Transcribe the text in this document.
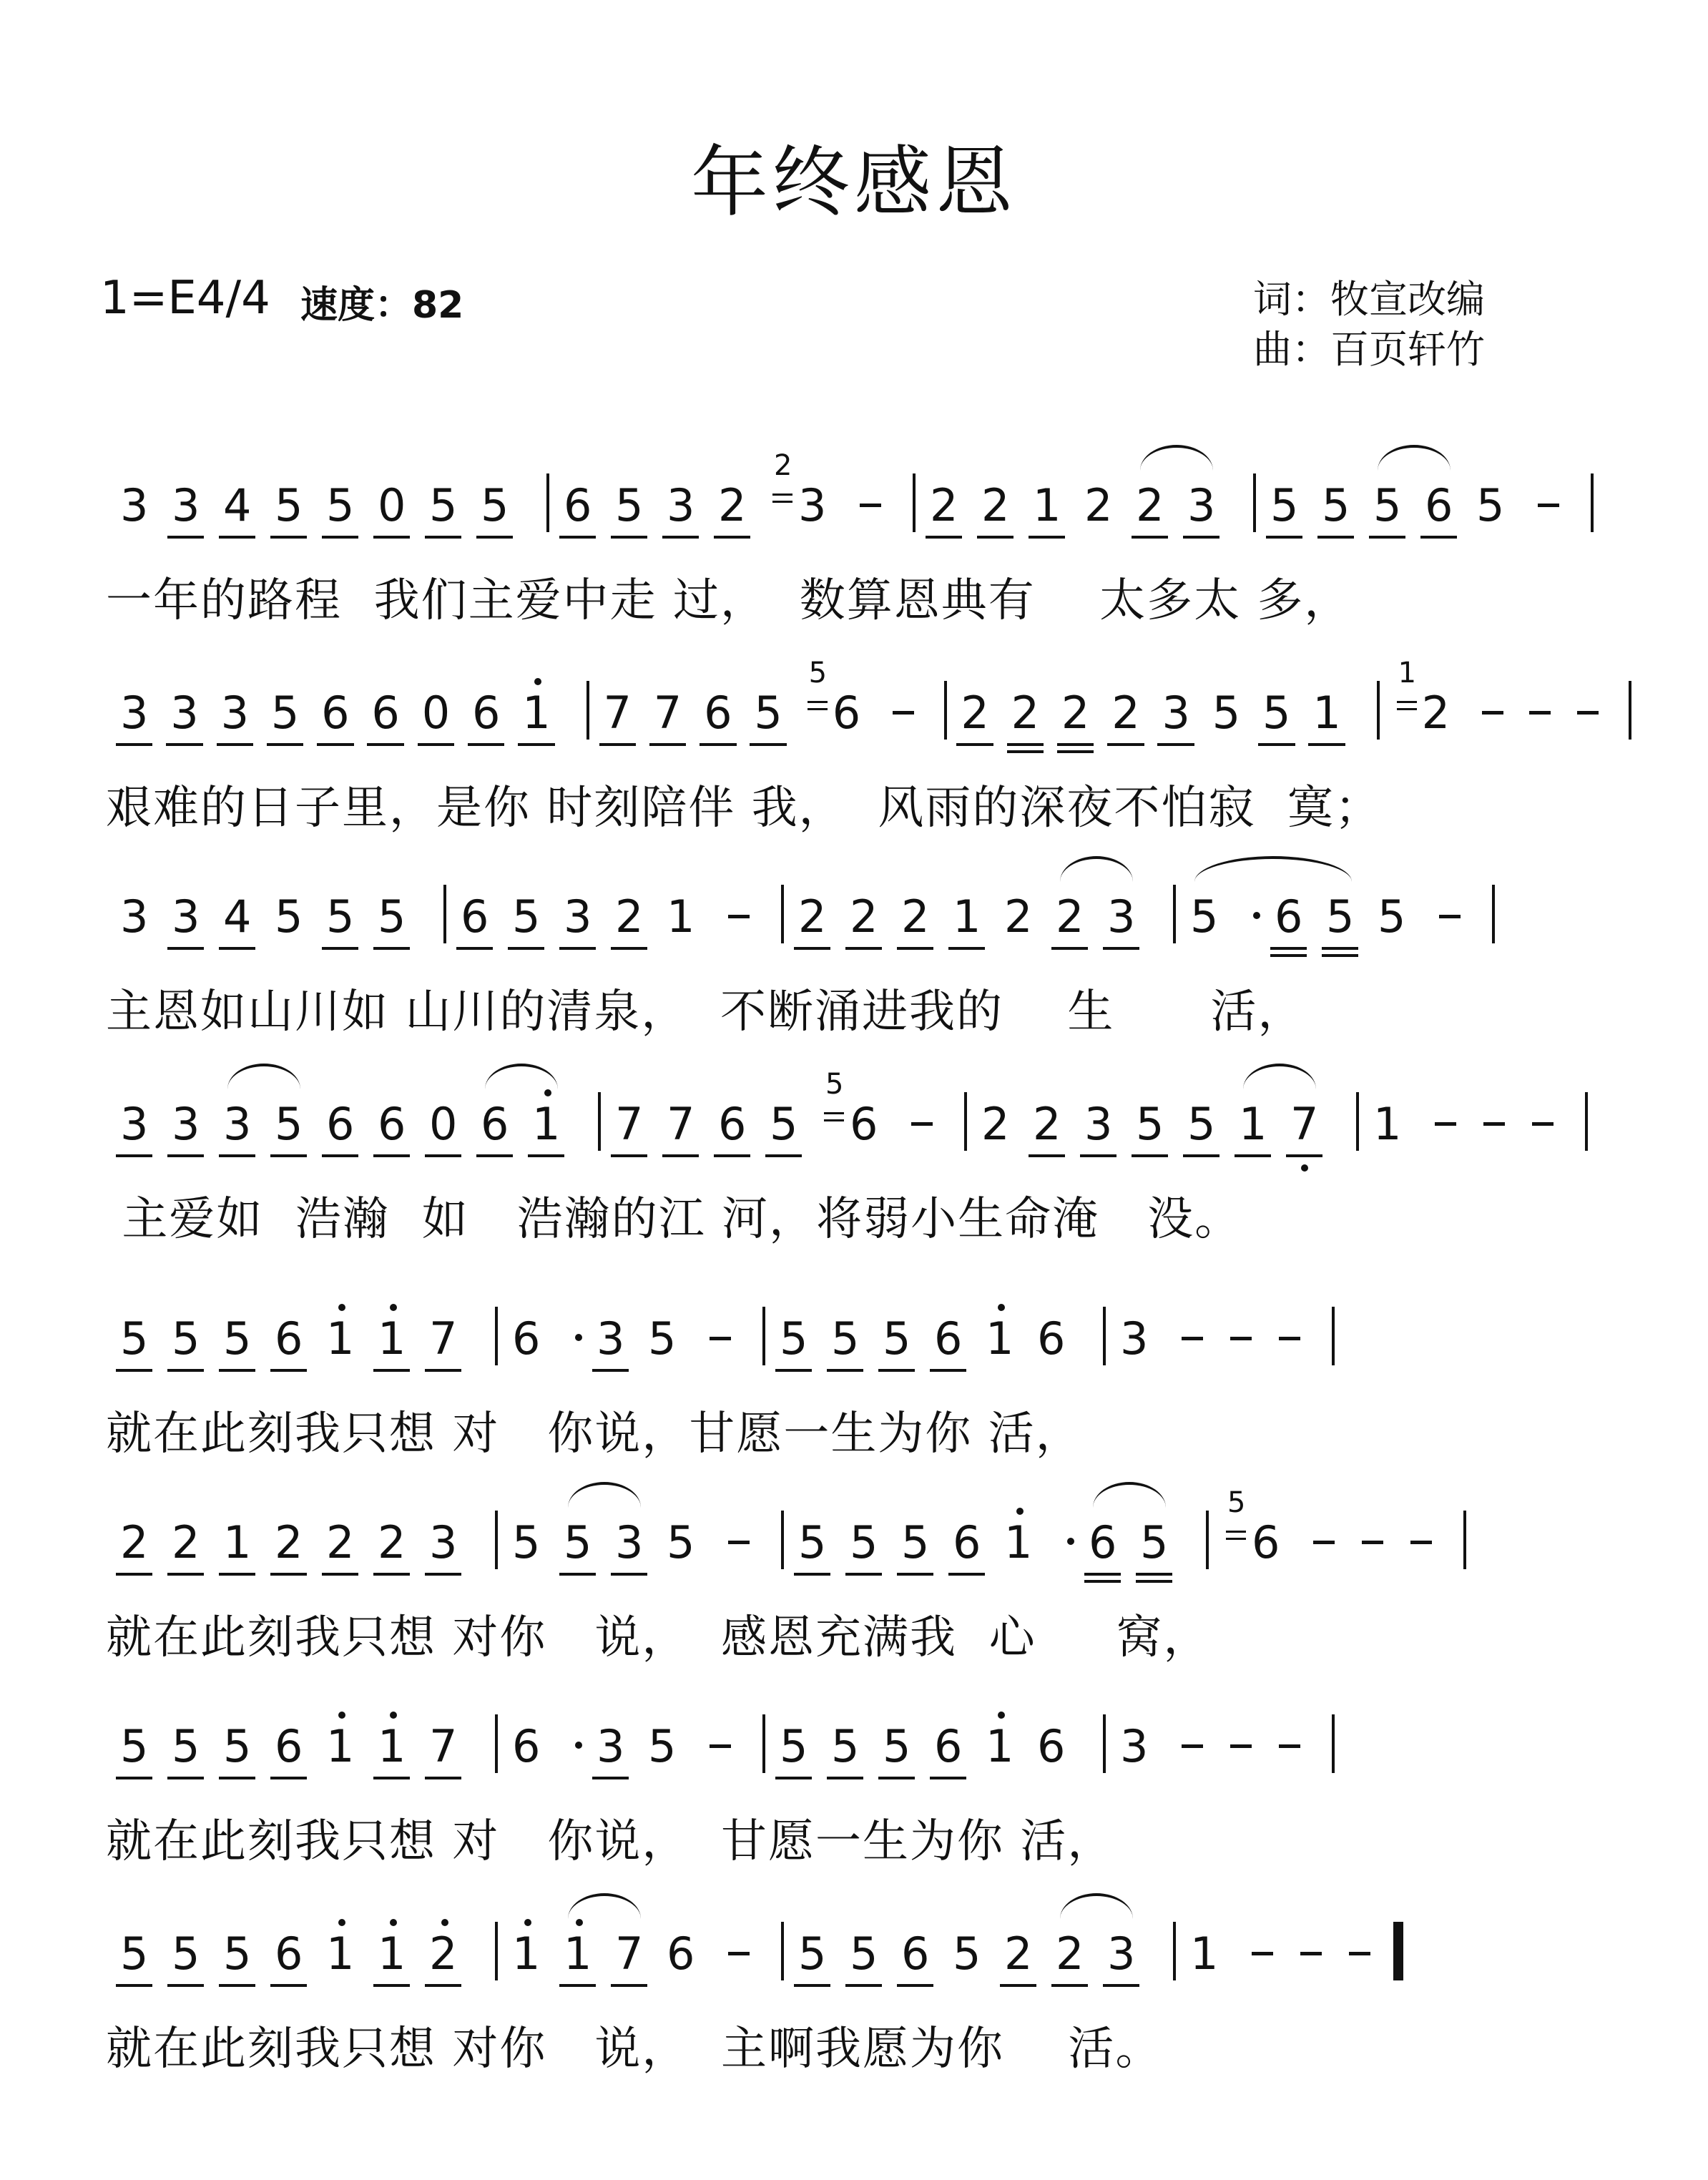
年终感恩
1=E4/4 速度：82	词：牧宣改编
曲：百页轩竹
3 3 4 5 5 0 5 5 6 5 3 2
2
3 2 2 1 2 2 3 5 5 5 6 5
一年的路程  我们主爱中走 过，  数算恩典有    太多太 多，
3 3 3 5 6 6 0 6 1 7 7 6 5
5
6 2 2 2 2 3 5 5 1
1
2
艰难的日子里，是你 时刻陪伴 我，  风雨的深夜不怕寂  寞；
3 3 4 5 5 5 6 5 3 2 1 2 2 2 1 2 2 3 5 6 5 5
主恩如山川如 山川的清泉，  不断涌进我的    生      活，
3 3 3 5 6 6 0 6 1 7 7 6 5
5
6 2 2 3 5 5 1 7 1
主爱如  浩瀚  如   浩瀚的江 河，将弱小生命淹   没。
5 5 5 6 1 1 7 6 3 5 5 5 5 6 1 6 3
就在此刻我只想 对   你说，甘愿一生为你 活，
2 2 1 2 2 2 3 5 5 3 5 5 5 5 6 1 6 5
5
6
就在此刻我只想 对你   说，  感恩充满我  心     窝，
5 5 5 6 1 1 7 6 3 5 5 5 5 6 1 6 3
就在此刻我只想 对   你说，  甘愿一生为你 活，
5 5 5 6 1 1 2 1 1 7 6 5 5 6 5 2 2 3 1
就在此刻我只想 对你   说，  主啊我愿为你    活。
